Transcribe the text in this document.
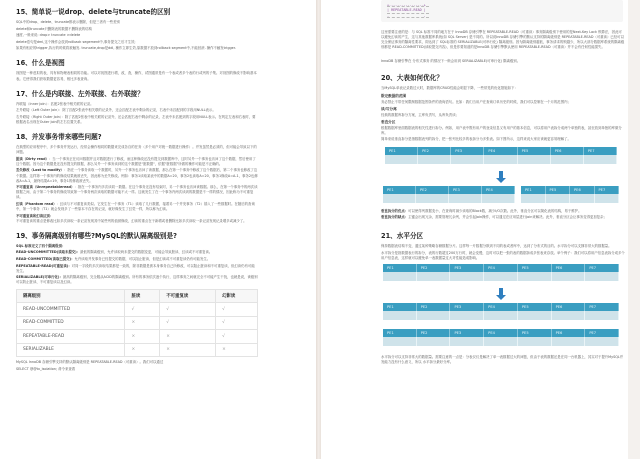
15、简单说一说drop、delete与truncate的区别

SQL中的drop、delete、truncate都表示删除，但是三者有一些差别

delete和truncate只删除表的数据不删除表的结构

速度,一般来说: drop> truncate >delete

delete语句是dml,这个操作会放到rollback segement中,事务提交之后才生效;

如果有相应的trigger,执行的时候将被触发. truncate,drop是ddl, 操作立即生效,原数据不放到rollback segment中,不能回滚. 操作不触发trigger.

16、什么是视图

视图是一种虚拟的表，具有和物理表相同的功能。可以对视图进行增，改，查，操作，试图通常是有一个表或者多个表的行或列的子集。对视图的修改不影响基本表。它使得我们获取数据更容易，相比多表查询。

17、什么是内联接、左外联接、右外联接？

内联接（Inner Join）：匹配2张表中相关联的记录。

左外联接（Left Outer Join）：除了匹配2张表中相关联的记录外，还会匹配左表中剩余的记录，右表中未匹配到的字段用NULL表示。

右外联接（Right Outer Join）：除了匹配2张表中相关联的记录外，还会匹配右表中剩余的记录，左表中未匹配到的字段用NULL表示。在判定左表和右表时，要根据表名出现在Outer Join的左右位置关系。

18、并发事务带来哪些问题?

在典型的应用程序中，多个事务并发运行，经常会操作相同的数据来完成各自的任务（多个用户对统一数据进行操作）。并发虽然是必须的，但可能会导致以下的问题。

脏读（Dirty read）：当一个事务正在访问数据并且对数据进行了修改，而这种修改还没有提交到数据库中，这时另外一个事务也访问了这个数据，然后使用了这个数据。因为这个数据是还没有提交的数据，那么另外一个事务读到的这个数据是"脏数据"，依据"脏数据"所做的操作可能是不正确的。

丢失修改（Lost to modify）：指在一个事务读取一个数据时，另外一个事务也访问了该数据，那么在第一个事务中修改了这个数据后，第二个事务也修改了这个数据。这样第一个事务内的修改结果就被丢失，因此称为丢失修改。例如：事务1读取某表中的数据A=20，事务2也读取A=20，事务1修改A=A-1，事务2也修改A=A-1，最终结果A=19，事务1的修改被丢失。

不可重复读（Unrepeatableread）：指在一个事务内多次读同一数据。在这个事务还没有结束时，另一个事务也访问该数据。那么，在第一个事务中的两次读数据之间，由于第二个事务的修改导致第一个事务两次读取的数据可能不太一样。这就发生了在一个事务内两次读到的数据是不一样的情况，因此称为不可重复读。

幻读（Phantom read）：幻读与不可重复读类似。它发生在一个事务（T1）读取了几行数据，接着另一个并发事务（T2）插入了一些数据时。在随后的查询中，第一个事务（T1）就会发现多了一些原本不存在的记录，就好像发生了幻觉一样，所以称为幻读。

不可重复读和幻读区别：

不可重复读的重点是修改比如多次读取一条记录发现其中某些列的值被修改，幻读的重点在于新增或者删除比如多次读取一条记录发现记录增多或减少了。

19、事务隔离级别有哪些?MySQL的默认隔离级别是?

SQL 标准定义了四个隔离级别：

READ-UNCOMMITTED(读取未提交)：最低的隔离级别，允许读取尚未提交的数据变更，可能会导致脏读、幻读或不可重复读。

READ-COMMITTED(读取已提交)：允许读取并发事务已经提交的数据，可以阻止脏读，但是幻读或不可重复读仍有可能发生。

REPEATABLE-READ(可重复读)：对同一字段的多次读取结果都是一致的，除非数据是被本身事务自己所修改，可以阻止脏读和不可重复读，但幻读仍有可能发生。

SERIALIZABLE(可串行化)：最高的隔离级别，完全服从ACID的隔离级别。所有的事务依次逐个执行，这样事务之间就完全不可能产生干扰，也就是说，该级别可以防止脏读、不可重复读以及幻读。

隔离级别	脏读	不可重复读	幻影读
READ-UNCOMMITTED	√	√	√
READ-COMMITTED	×	√	√
REPEATABLE-READ	×	×	√
SERIALIZABLE	×	×	×

MySQL InnoDB 存储引擎支持的默认隔离级别是 REPEATABLE-READ（可重读）。我们可以通过

SELECT @@tx_isolation; 命令来查看

+-----------------+
| REPEATABLE-READ |
+-----------------+

这里需要注意的是：与 SQL 标准不同的地方在于 InnoDB 存储引擎在 REPEATABLE-READ（可重读）事务隔离级别下使用的是Next-Key Lock 锁算法，因此可以避免幻读的产生，这与其他数据库系统(如 SQL Server) 是不同的。所以说InnoDB 存储引擎的默认支持的隔离级别是 REPEATABLE-READ（可重读）已经可以完全保证事务的隔离性要求，即达到了 SQL标准的 SERIALIZABLE(可串行化) 隔离级别。因为隔离级别越低，事务请求的锁越少，所以大部分数据库系统的隔离级别都是 READ-COMMITTED(读取提交内容)，但是你要知道的是InnoDB 存储引擎默认使用 REPEATABLE-READ（可重读）并不会有任何性能损失。

InnoDB 存储引擎在 分布式事务 的情况下一般会用到 SERIALIZABLE(可串行化) 隔离级别。

20、大表如何优化？

当MySQL单表记录数过大时，数据库的CRUD性能会明显下降，一些常见的优化措施如下：

限定数据的范围

务必禁止不带任何限制数据范围条件的查询语句。比如：我们当用户在查询订单历史的时候，我们可以控制在一个月的范围内；

读/写分离

经典的数据库拆分方案，主库负责写，从库负责读；

垂直分区

根据数据库里面数据表的相关性进行拆分。例如，用户表中既有用户的登录信息又有用户的基本信息，可以将用户表拆分成两个单独的表，甚至放到单独的库做分库。

简单来说垂直拆分是指数据表列的拆分，把一张列比较多的表拆分为多张表。如下图所示，这样来说大家应该就更容易理解了。

PE1	PE2	PE3	PE4	PE5	PE6	PE7
PE1	PE2	PE3	PE4	PE1	PE5	PE6	PE7

垂直拆分的优点：可以使得列数据变小，在查询时减少读取的Block数，减少I/O次数。此外，垂直分区可以简化表的结构，易于维护。

垂直拆分的缺点：主键会出现冗余，需要管理冗余列，并会引起Join操作，可以通过在应用层进行Join来解决。此外，垂直分区会让事务变得更加复杂；

21、水平分区

保持数据表结构不变，通过某种策略存储数据分片。这样每一片数据分散到不同的表或者库中，达到了分布式的目的。水平拆分可以支撑非常大的数据量。

水平拆分是指数据表行的拆分，表的行数超过200万行时，就会变慢，这时可以把一张的表的数据拆成多张表来存放。举个例子：我们可以将用户信息表拆分成多个用户信息表，这样就可以避免单一表数据量过大对性能造成影响。

PE1	PE2	PE3	PE4	PE5	PE6	PE7
PE1	PE2	PE3	PE4	PE5	PE6	PE7

PE1	PE2	PE3	PE4	PE5	PE6	PE7

水平拆分可以支持非常大的数据量。需要注意的一点是：分表仅仅是解决了单一表数据过大的问题，但由于表的数据还是在同一台机器上，其实对于提升MySQL并发能力没有什么意义，所以 水平拆分最好分库。
